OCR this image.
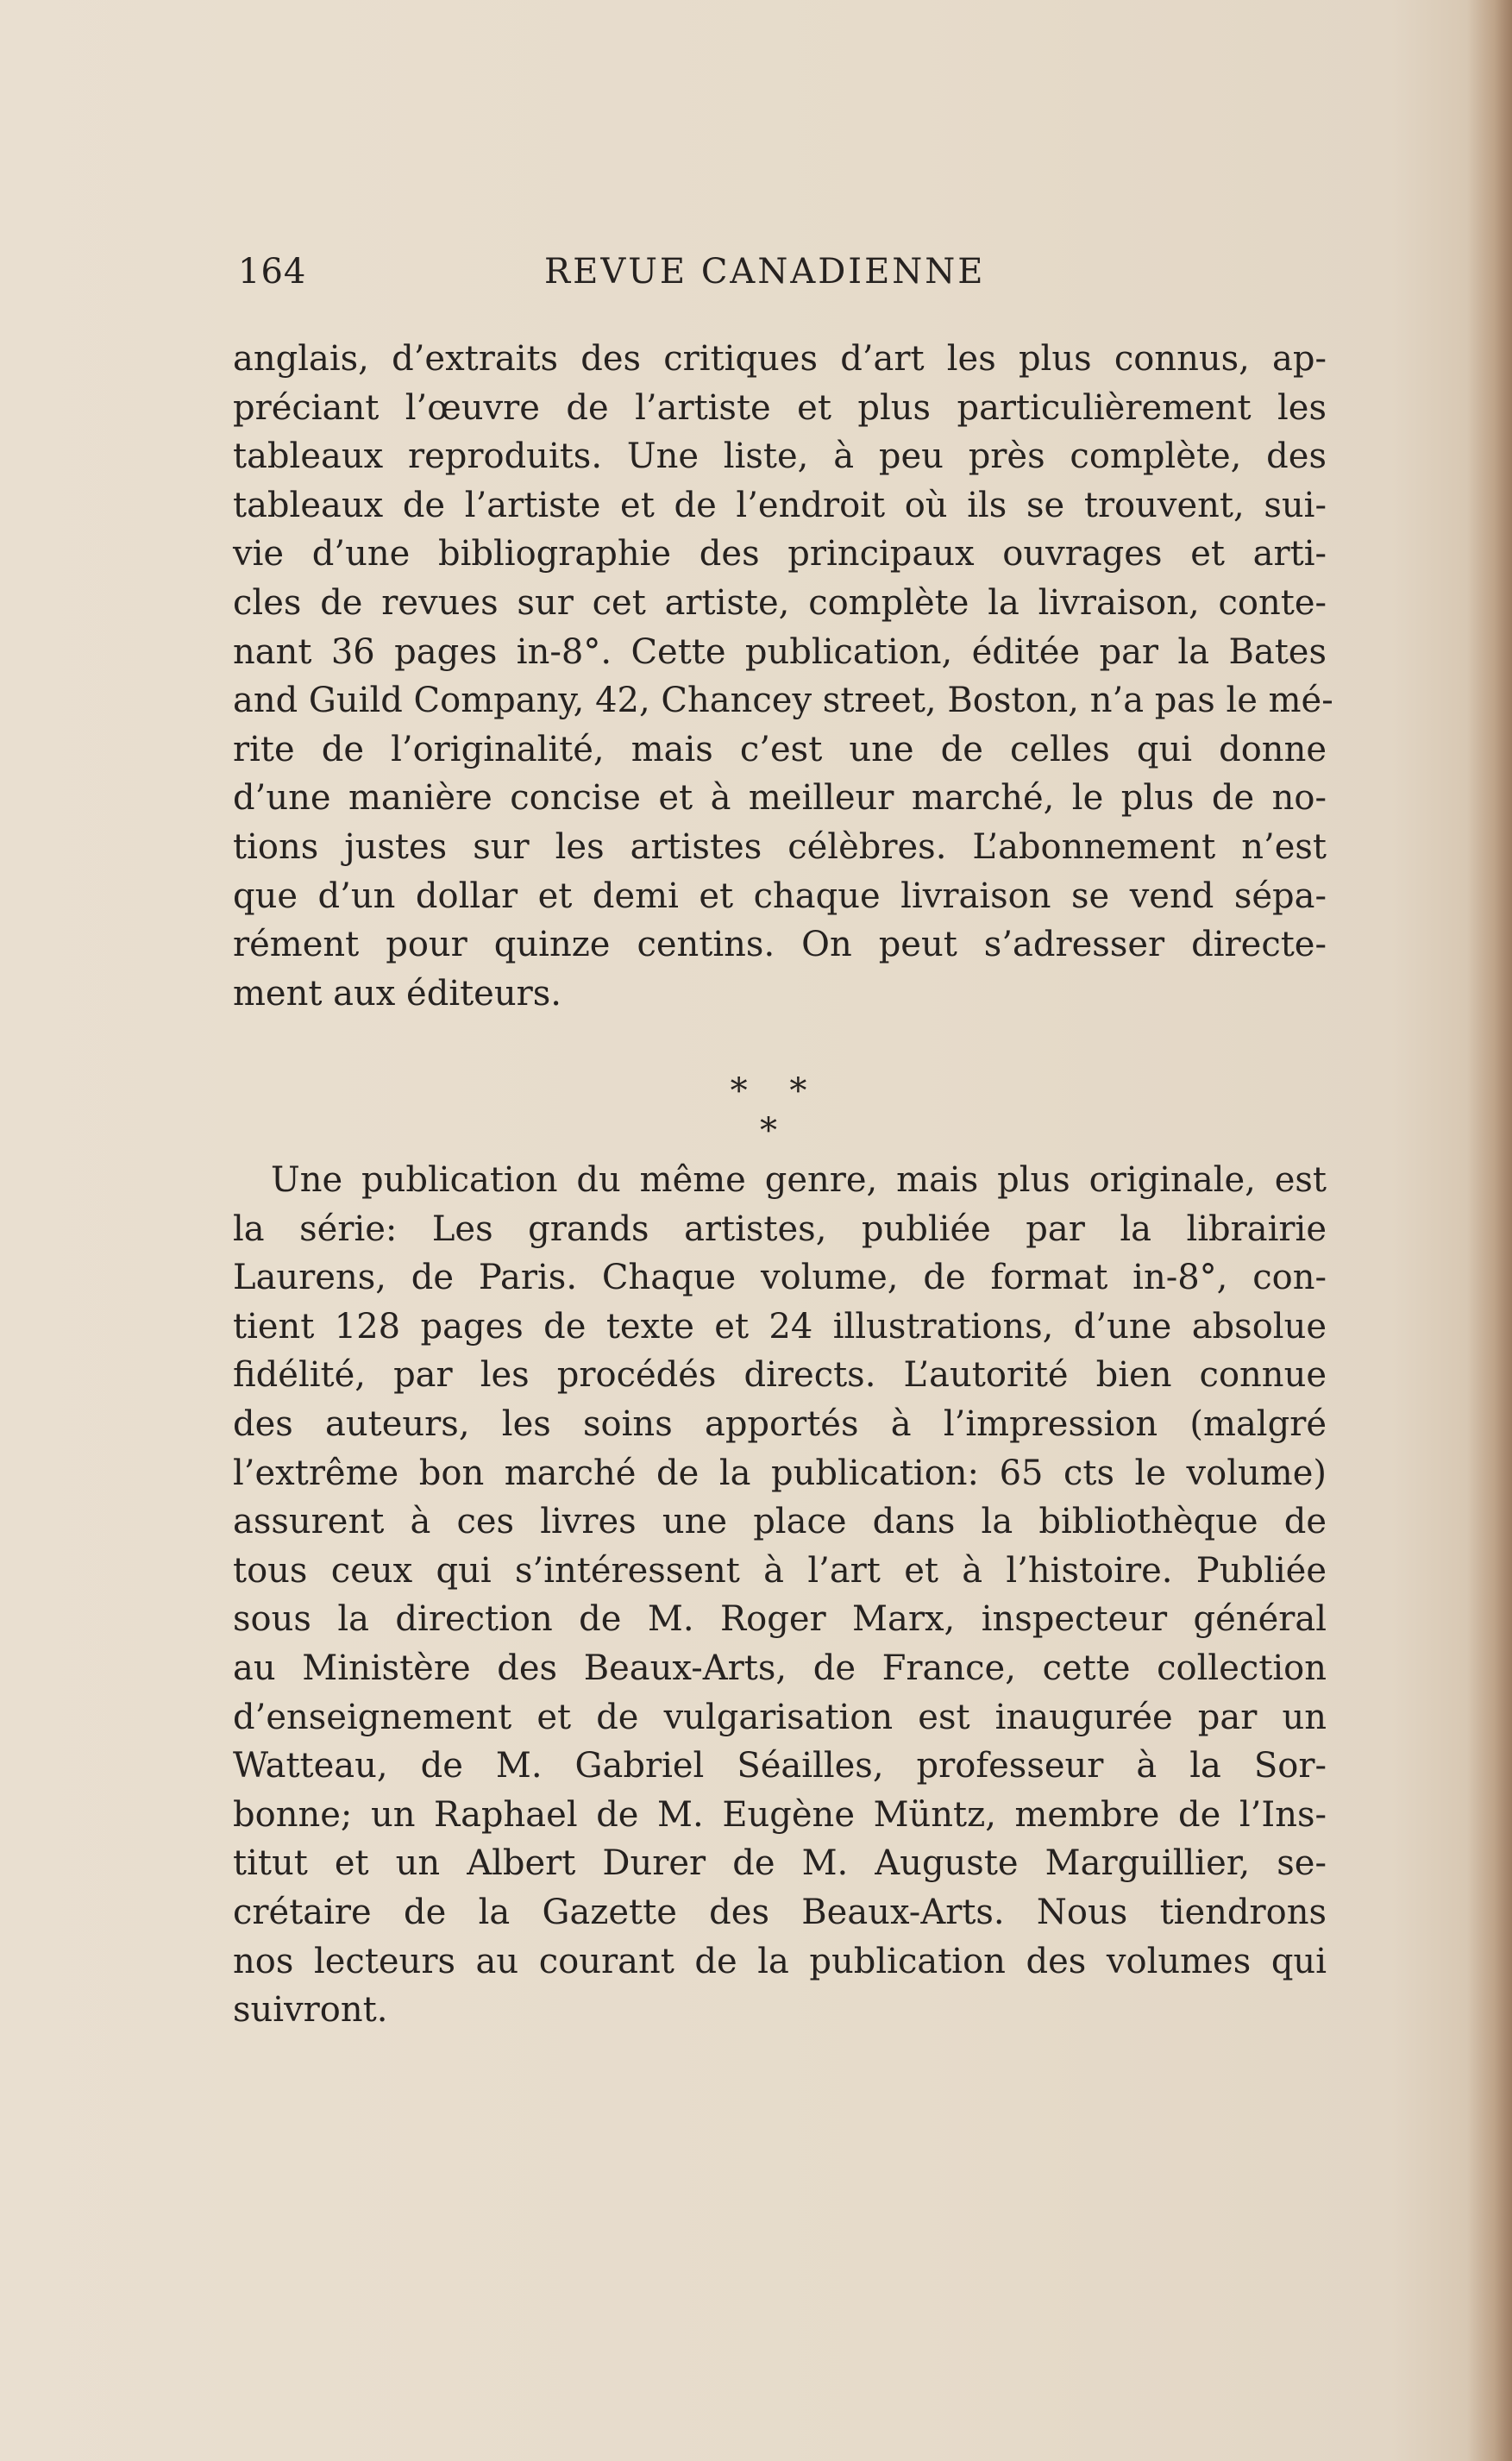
164	REVUE CANADIENNE
anglais, d’extraits des critiques d’art les plus connus, ap-
préciant l’œuvre de l’artiste et plus particulièrement les
tableaux reproduits. Une liste, à peu près complète, des
tableaux de l’artiste et de l’endroit où ils se trouvent, sui-
vie d’une bibliographie des principaux ouvrages et arti-
cles de revues sur cet artiste, complète la livraison, conte-
nant 36 pages in-8°. Cette publication, éditée par la Bates
and Guild Company, 42, Chancey street, Boston, n’a pas le mé-
rite de l’originalité, mais c’est une de celles qui donne
d’une manière concise et à meilleur marché, le plus de no-
tions justes sur les artistes célèbres. L’abonnement n’est
que d’un dollar et demi et chaque livraison se vend sépa-
rément pour quinze centins. On peut s’adresser directe-
ment aux éditeurs.
* * *
Une publication du même genre, mais plus originale, est
la série: Les grands artistes, publiée par la librairie
Laurens, de Paris. Chaque volume, de format in-8°, con-
tient 128 pages de texte et 24 illustrations, d’une absolue
fidélité, par les procédés directs. L’autorité bien connue
des auteurs, les soins apportés à l’impression (malgré
l’extrême bon marché de la publication: 65 cts le volume)
assurent à ces livres une place dans la bibliothèque de
tous ceux qui s’intéressent à l’art et à l’histoire. Publiée
sous la direction de M. Roger Marx, inspecteur général
au Ministère des Beaux-Arts, de France, cette collection
d’enseignement et de vulgarisation est inaugurée par un
Watteau, de M. Gabriel Séailles, professeur à la Sor-
bonne; un Raphael de M. Eugène Müntz, membre de l’Ins-
titut et un Albert Durer de M. Auguste Marguillier, se-
crétaire de la Gazette des Beaux-Arts. Nous tiendrons
nos lecteurs au courant de la publication des volumes qui
suivront.
